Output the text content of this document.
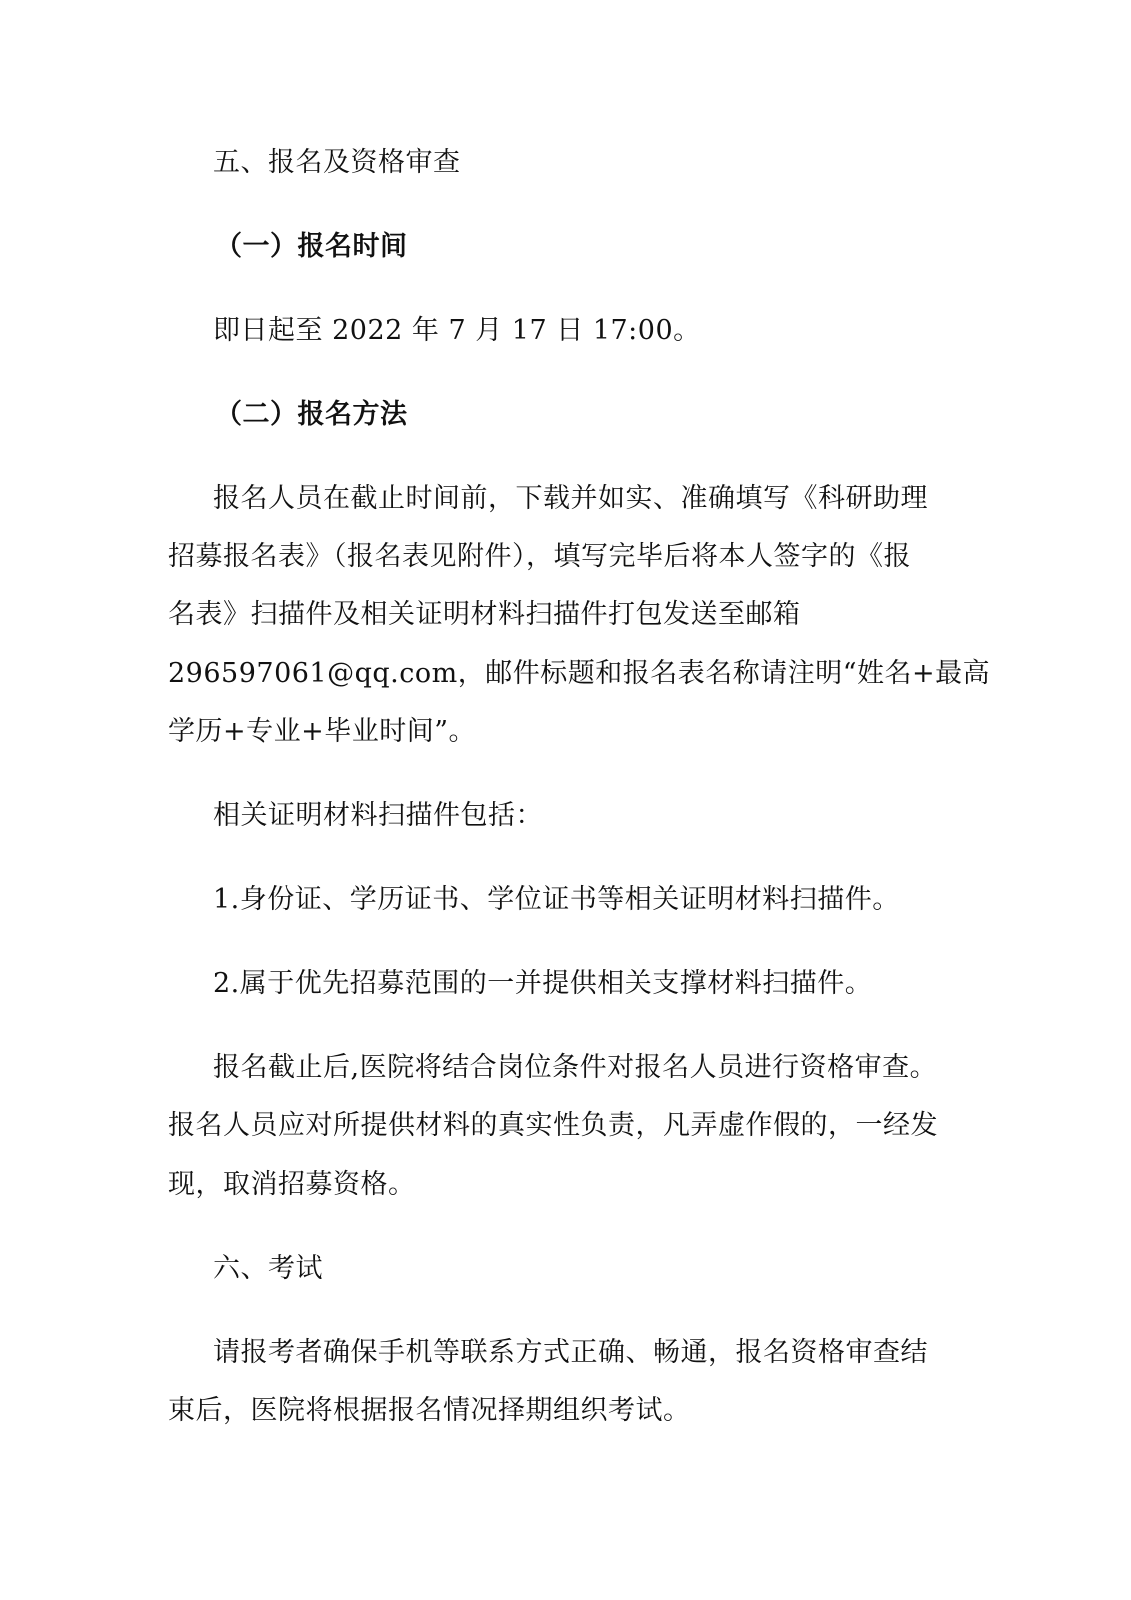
五、报名及资格审查
（一）报名时间
即日起至 2022 年 7 月 17 日 17:00。
（二）报名方法
报名人员在截止时间前，下载并如实、准确填写《科研助理
招募报名表》（报名表见附件），填写完毕后将本人签字的《报
名表》扫描件及相关证明材料扫描件打包发送至邮箱
296597061@qq.com，邮件标题和报名表名称请注明“姓名+最高
学历+专业+毕业时间”。
相关证明材料扫描件包括：
1.身份证、学历证书、学位证书等相关证明材料扫描件。
2.属于优先招募范围的一并提供相关支撑材料扫描件。
报名截止后,医院将结合岗位条件对报名人员进行资格审查。
报名人员应对所提供材料的真实性负责，凡弄虚作假的，一经发
现，取消招募资格。
六、考试
请报考者确保手机等联系方式正确、畅通，报名资格审查结
束后，医院将根据报名情况择期组织考试。
